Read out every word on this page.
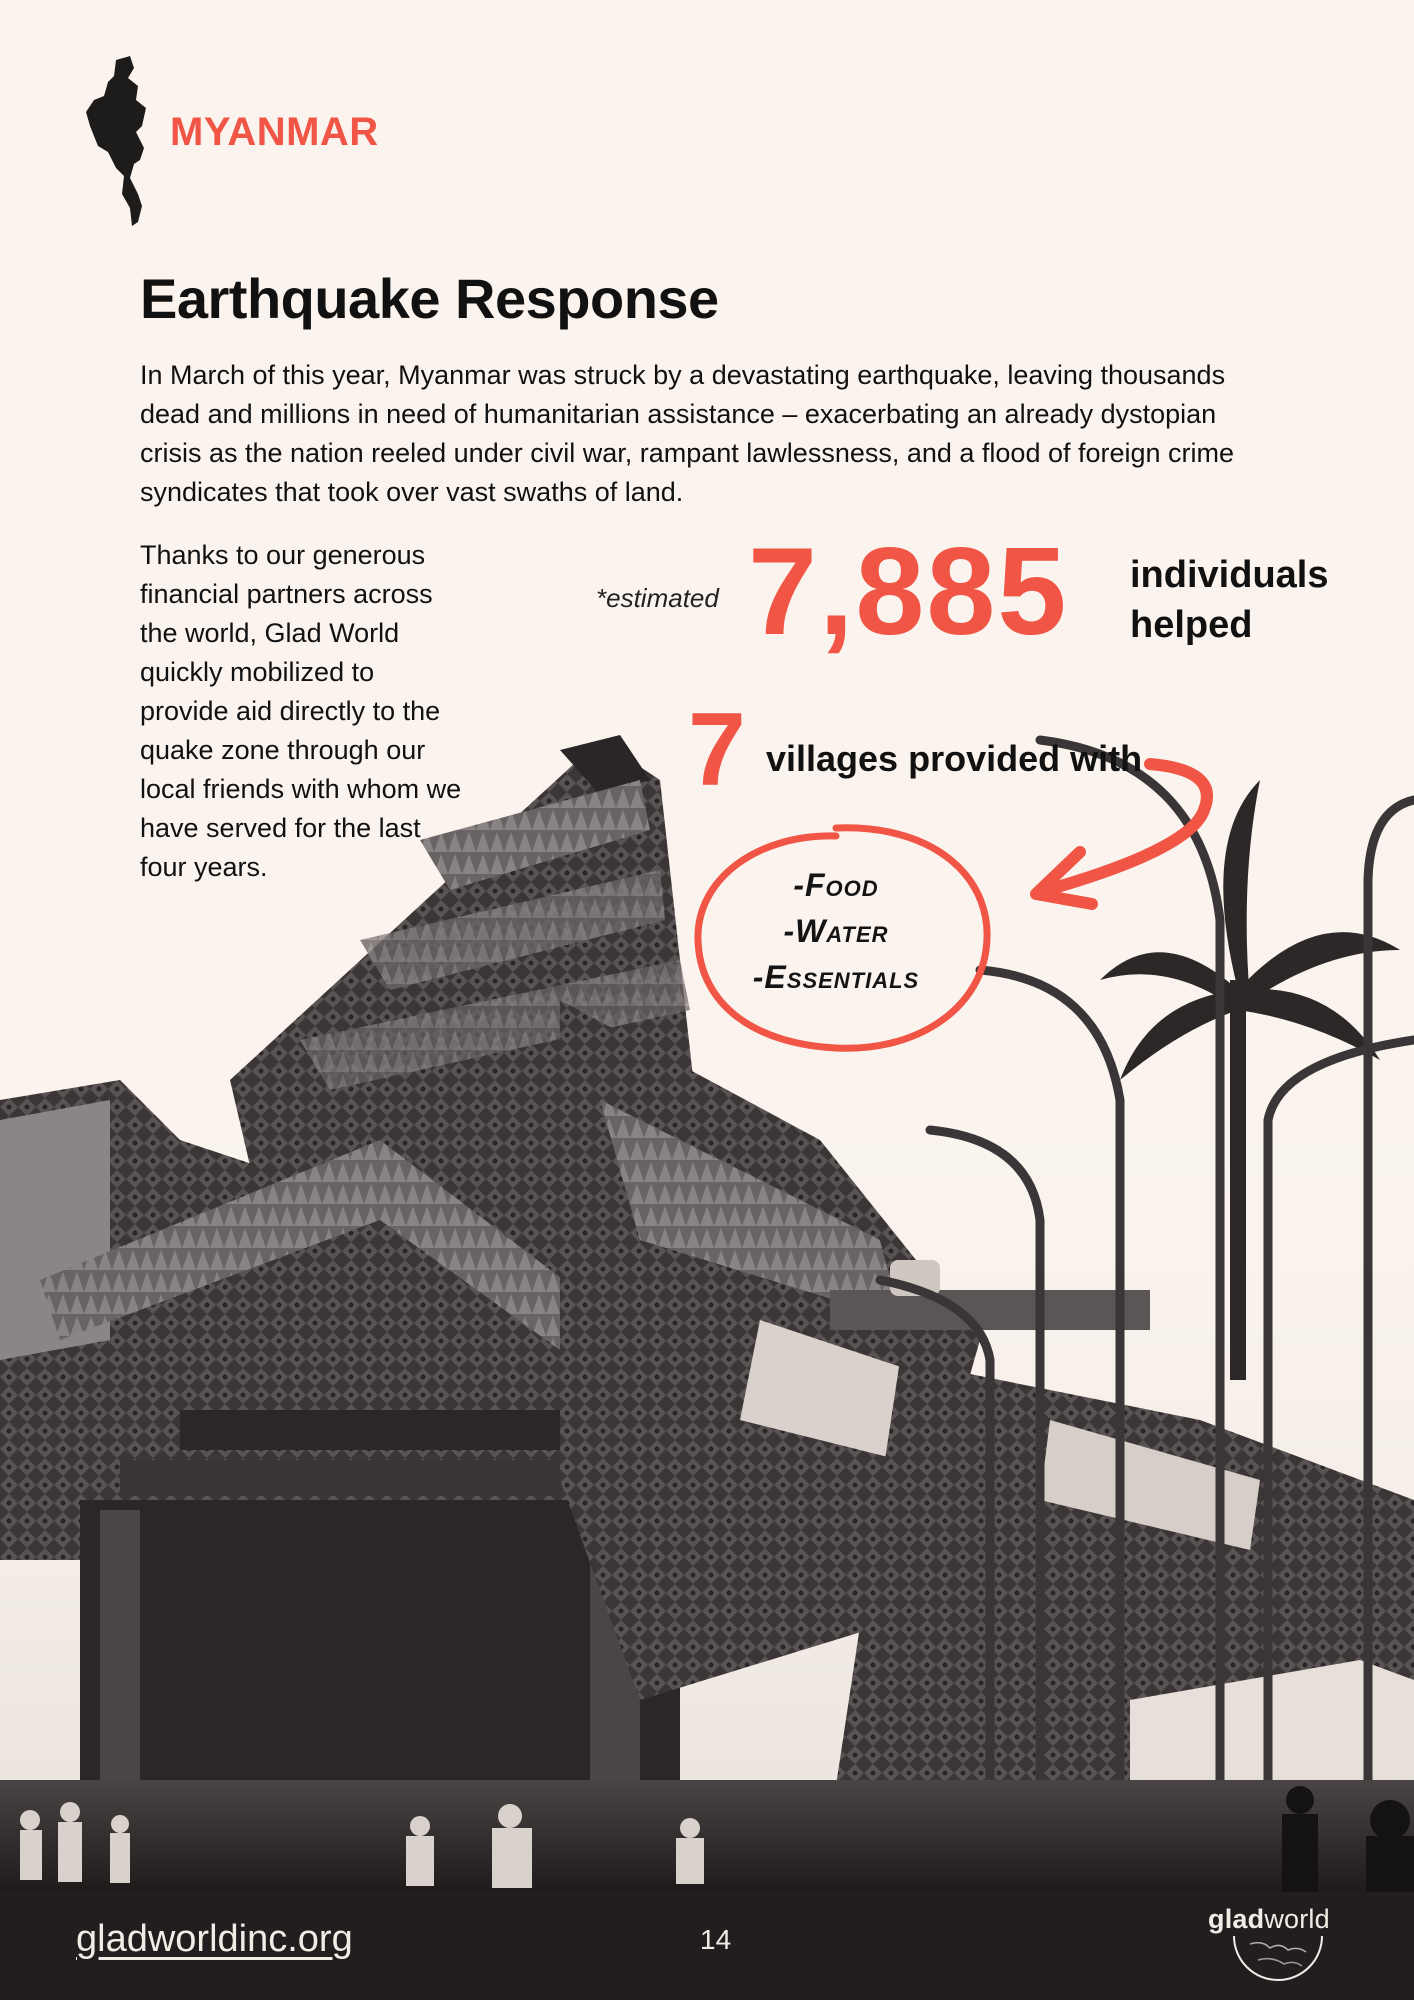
MYANMAR
Earthquake Response

In March of this year, Myanmar was struck by a devastating earthquake, leaving thousands dead and millions in need of humanitarian assistance – exacerbating an already dystopian crisis as the nation reeled under civil war, rampant lawlessness, and a flood of foreign crime syndicates that took over vast swaths of land.

Thanks to our generous financial partners across the world, Glad World quickly mobilized to provide aid directly to the quake zone through our local friends with whom we have served for the last four years.

*estimated 7,885 individuals helped
7 villages provided with
-Food
-Water
-Essentials
gladworldinc.org	14
gladworld
